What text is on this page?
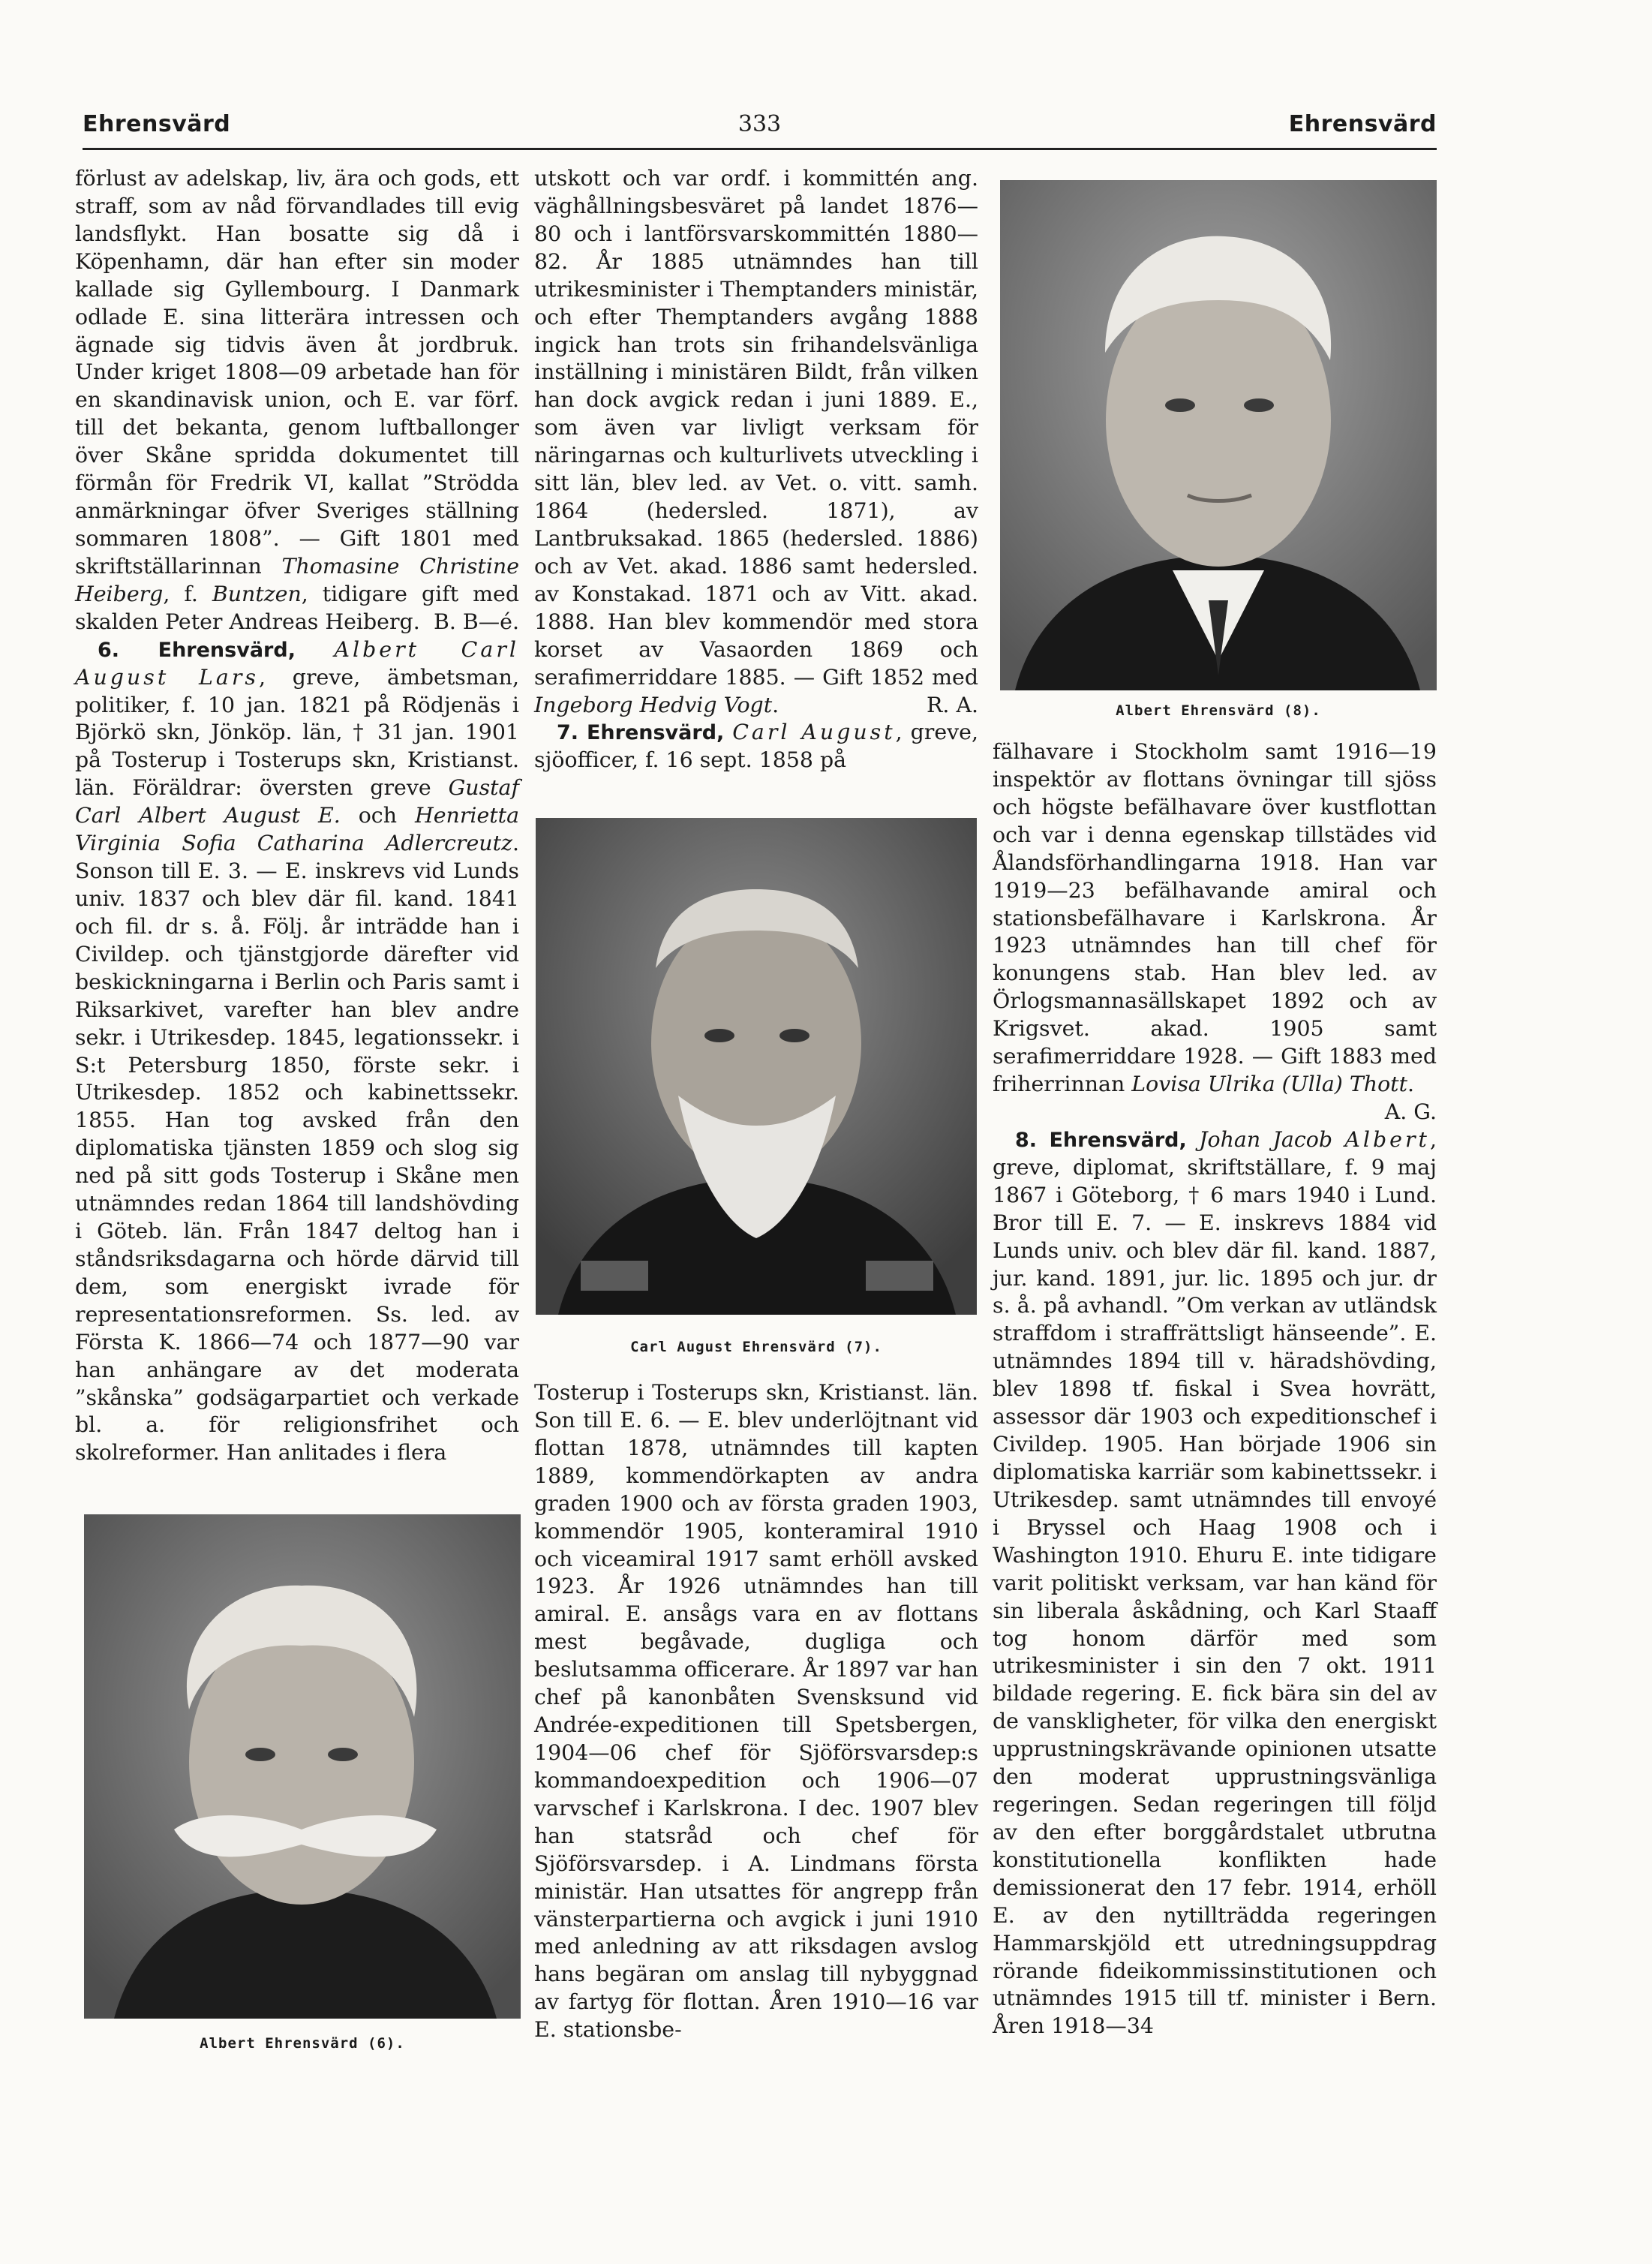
Ehrensvärd	333	Ehrensvärd

förlust av adelskap, liv, ära och gods, ett straff, som av nåd förvandlades till evig landsflykt. Han bosatte sig då i Köpenhamn, där han efter sin moder kallade sig Gyllembourg. I Danmark odlade E. sina litterära intressen och ägnade sig tidvis även åt jordbruk. Under kriget 1808—09 arbetade han för en skandinavisk union, och E. var förf. till det bekanta, genom luftballonger över Skåne spridda dokumentet till förmån för Fredrik VI, kallat ”Strödda anmärkningar öfver Sveriges ställning sommaren 1808”. — Gift 1801 med skriftställarinnan Thomasine Christine Heiberg, f. Buntzen, tidigare gift med skalden Peter Andreas Heiberg. B. B—é.

6. Ehrensvärd, Albert Carl August Lars, greve, ämbetsman, politiker, f. 10 jan. 1821 på Rödjenäs i Björkö skn, Jönköp. län, † 31 jan. 1901 på Tosterup i Tosterups skn, Kristianst. län. Föräldrar: översten greve Gustaf Carl Albert August E. och Henrietta Virginia Sofia Catharina Adlercreutz. Sonson till E. 3. — E. inskrevs vid Lunds univ. 1837 och blev där fil. kand. 1841 och fil. dr s. å. Följ. år inträdde han i Civildep. och tjänstgjorde därefter vid beskickningarna i Berlin och Paris samt i Riksarkivet, varefter han blev andre sekr. i Utrikesdep. 1845, legationssekr. i S:t Petersburg 1850, förste sekr. i Utrikesdep. 1852 och kabinettssekr. 1855. Han tog avsked från den diplomatiska tjänsten 1859 och slog sig ned på sitt gods Tosterup i Skåne men utnämndes redan 1864 till landshövding i Göteb. län. Från 1847 deltog han i ståndsriksdagarna och hörde därvid till dem, som energiskt ivrade för representationsreformen. Ss. led. av Första K. 1866—74 och 1877—90 var han anhängare av det moderata ”skånska” godsägarpartiet och verkade bl. a. för religionsfrihet och skolreformer. Han anlitades i flera

Albert Ehrensvärd (6).

utskott och var ordf. i kommittén ang. väghållningsbesväret på landet 1876—80 och i lantförsvarskommittén 1880—82. År 1885 utnämndes han till utrikesminister i Themptanders ministär, och efter Themptanders avgång 1888 ingick han trots sin frihandelsvänliga inställning i ministären Bildt, från vilken han dock avgick redan i juni 1889. E., som även var livligt verksam för näringarnas och kulturlivets utveckling i sitt län, blev led. av Vet. o. vitt. samh. 1864 (hedersled. 1871), av Lantbruksakad. 1865 (hedersled. 1886) och av Vet. akad. 1886 samt hedersled. av Konstakad. 1871 och av Vitt. akad. 1888. Han blev kommendör med stora korset av Vasaorden 1869 och serafimerriddare 1885. — Gift 1852 med Ingeborg Hedvig Vogt.	R. A.

7. Ehrensvärd, Carl August, greve, sjöofficer, f. 16 sept. 1858 på

Carl August Ehrensvärd (7).

Tosterup i Tosterups skn, Kristianst. län. Son till E. 6. — E. blev underlöjtnant vid flottan 1878, utnämndes till kapten 1889, kommendörkapten av andra graden 1900 och av första graden 1903, kommendör 1905, konteramiral 1910 och viceamiral 1917 samt erhöll avsked 1923. År 1926 utnämndes han till amiral. E. ansågs vara en av flottans mest begåvade, dugliga och beslutsamma officerare. År 1897 var han chef på kanonbåten Svensksund vid Andrée-expeditionen till Spetsbergen, 1904—06 chef för Sjöförsvarsdep:s kommandoexpedition och 1906—07 varvschef i Karlskrona. I dec. 1907 blev han statsråd och chef för Sjöförsvarsdep. i A. Lindmans första ministär. Han utsattes för angrepp från vänsterpartierna och avgick i juni 1910 med anledning av att riksdagen avslog hans begäran om anslag till nybyggnad av fartyg för flottan. Åren 1910—16 var E. stationsbe-

Albert Ehrensvärd (8).

fälhavare i Stockholm samt 1916—19 inspektör av flottans övningar till sjöss och högste befälhavare över kustflottan och var i denna egenskap tillstädes vid Ålandsförhandlingarna 1918. Han var 1919—23 befälhavande amiral och stationsbefälhavare i Karlskrona. År 1923 utnämndes han till chef för konungens stab. Han blev led. av Örlogsmannasällskapet 1892 och av Krigsvet. akad. 1905 samt serafimerriddare 1928. — Gift 1883 med friherrinnan Lovisa Ulrika (Ulla) Thott.
A. G.

8. Ehrensvärd, Johan Jacob Albert, greve, diplomat, skriftställare, f. 9 maj 1867 i Göteborg, † 6 mars 1940 i Lund. Bror till E. 7. — E. inskrevs 1884 vid Lunds univ. och blev där fil. kand. 1887, jur. kand. 1891, jur. lic. 1895 och jur. dr s. å. på avhandl. ”Om verkan av utländsk straffdom i straffrättsligt hänseende”. E. utnämndes 1894 till v. häradshövding, blev 1898 tf. fiskal i Svea hovrätt, assessor där 1903 och expeditionschef i Civildep. 1905. Han började 1906 sin diplomatiska karriär som kabinettssekr. i Utrikesdep. samt utnämndes till envoyé i Bryssel och Haag 1908 och i Washington 1910. Ehuru E. inte tidigare varit politiskt verksam, var han känd för sin liberala åskådning, och Karl Staaff tog honom därför med som utrikesminister i sin den 7 okt. 1911 bildade regering. E. fick bära sin del av de vanskligheter, för vilka den energiskt upprustningskrävande opinionen utsatte den moderat upprustningsvänliga regeringen. Sedan regeringen till följd av den efter borggårdstalet utbrutna konstitutionella konflikten hade demissionerat den 17 febr. 1914, erhöll E. av den nytillträdda regeringen Hammarskjöld ett utredningsuppdrag rörande fideikommissinstitutionen och utnämndes 1915 till tf. minister i Bern. Åren 1918—34
